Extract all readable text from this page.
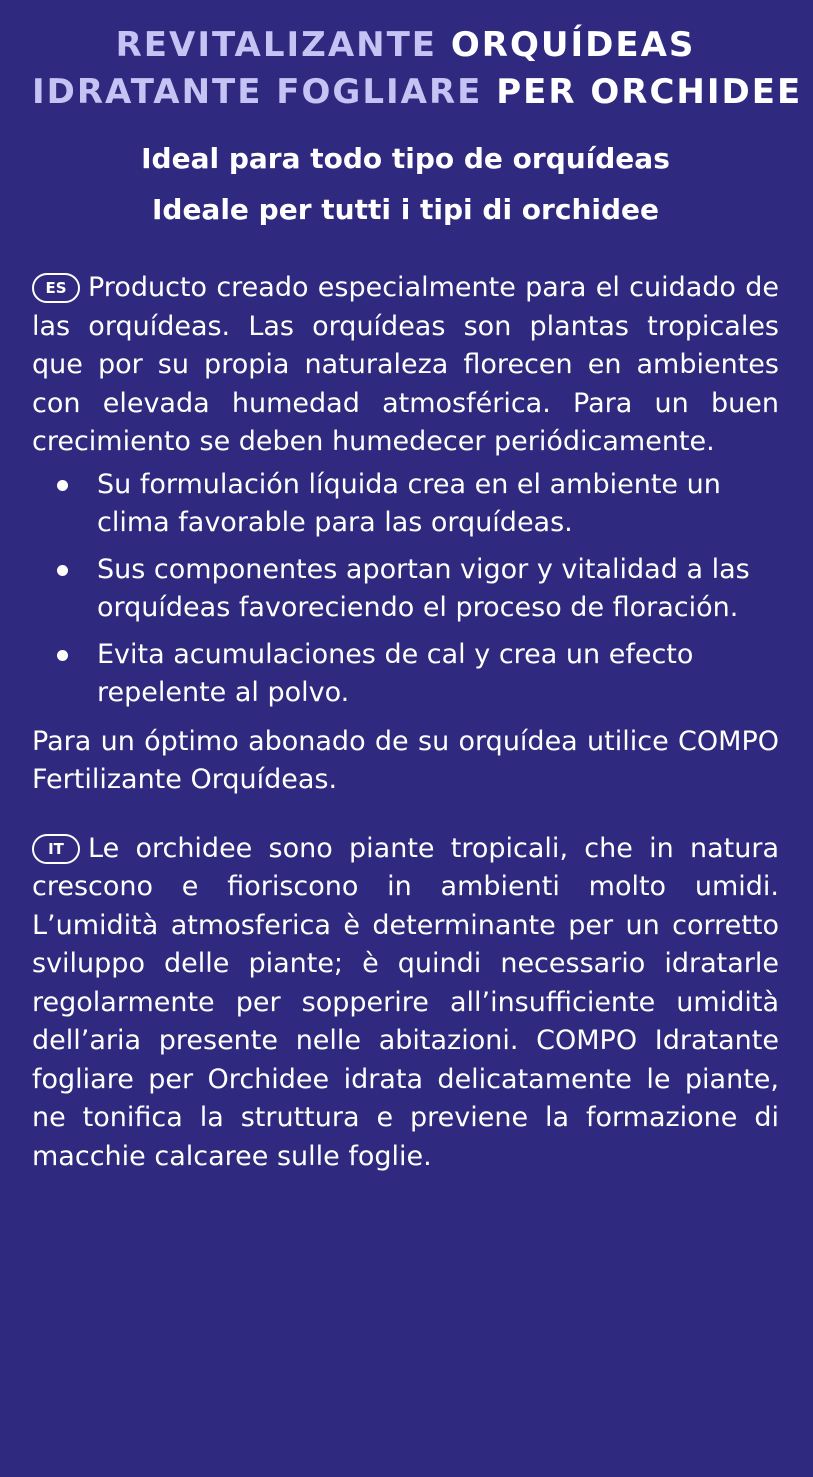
REVITALIZANTE ORQUÍDEAS
IDRATANTE FOGLIARE PER ORCHIDEE
Ideal para todo tipo de orquídeas
Ideale per tutti i tipi di orchidee

ES Producto creado especialmente para el cuidado de las orquídeas. Las orquídeas son plantas tropicales que por su propia naturaleza florecen en ambientes con elevada humedad atmosférica. Para un buen crecimiento se deben humedecer periódicamente.

Su formulación líquida crea en el ambiente un clima favorable para las orquídeas.
Sus componentes aportan vigor y vitalidad a las orquídeas favoreciendo el proceso de floración.
Evita acumulaciones de cal y crea un efecto repelente al polvo.

Para un óptimo abonado de su orquídea utilice COMPO Fertilizante Orquídeas.

IT Le orchidee sono piante tropicali, che in natura crescono e fioriscono in ambienti molto umidi. L’umidità atmosferica è determinante per un corretto sviluppo delle piante; è quindi necessario idratarle regolarmente per sopperire all’insufficiente umidità dell’aria presente nelle abitazioni. COMPO Idratante fogliare per Orchidee idrata delicatamente le piante, ne tonifica la struttura e previene la formazione di macchie calcaree sulle foglie.
